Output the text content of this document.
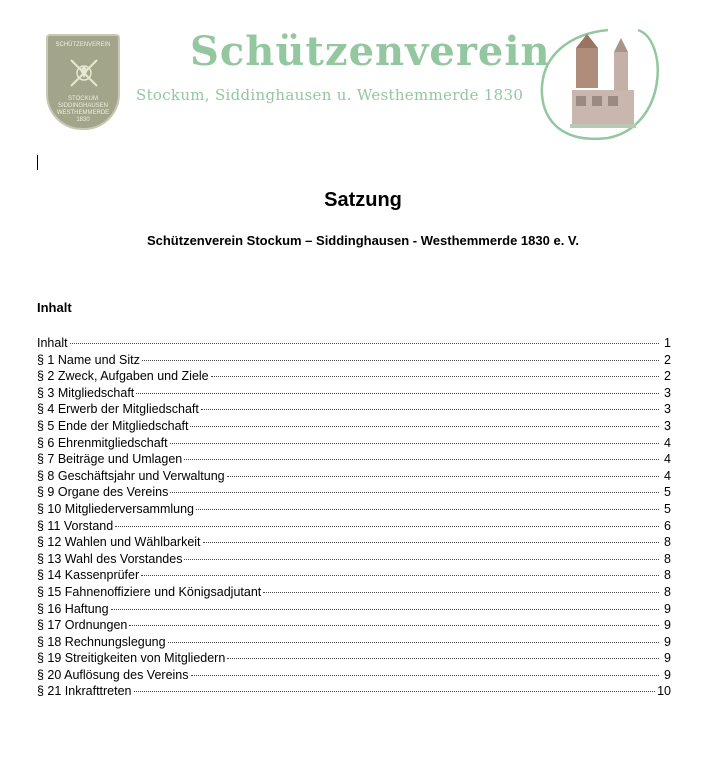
SCHÜTZENVEREIN
STOCKUM
SIDDINGHAUSEN
WESTHEMMERDE
1830
Schützenverein
Stockum, Siddinghausen u. Westhemmerde 1830
Satzung
Schützenverein Stockum – Siddinghausen - Westhemmerde 1830 e. V.
Inhalt
Inhalt	1
§ 1 Name und Sitz	2
§ 2 Zweck, Aufgaben und Ziele	2
§ 3 Mitgliedschaft	3
§ 4 Erwerb der Mitgliedschaft	3
§ 5 Ende der Mitgliedschaft	3
§ 6 Ehrenmitgliedschaft	4
§ 7 Beiträge und Umlagen	4
§ 8 Geschäftsjahr und Verwaltung	4
§ 9 Organe des Vereins	5
§ 10 Mitgliederversammlung	5
§ 11 Vorstand	6
§ 12 Wahlen und Wählbarkeit	8
§ 13 Wahl des Vorstandes	8
§ 14 Kassenprüfer	8
§ 15 Fahnenoffiziere und Königsadjutant	8
§ 16 Haftung	9
§ 17 Ordnungen	9
§ 18 Rechnungslegung	9
§ 19 Streitigkeiten von Mitgliedern	9
§ 20 Auflösung des Vereins	9
§ 21 Inkrafttreten	10
